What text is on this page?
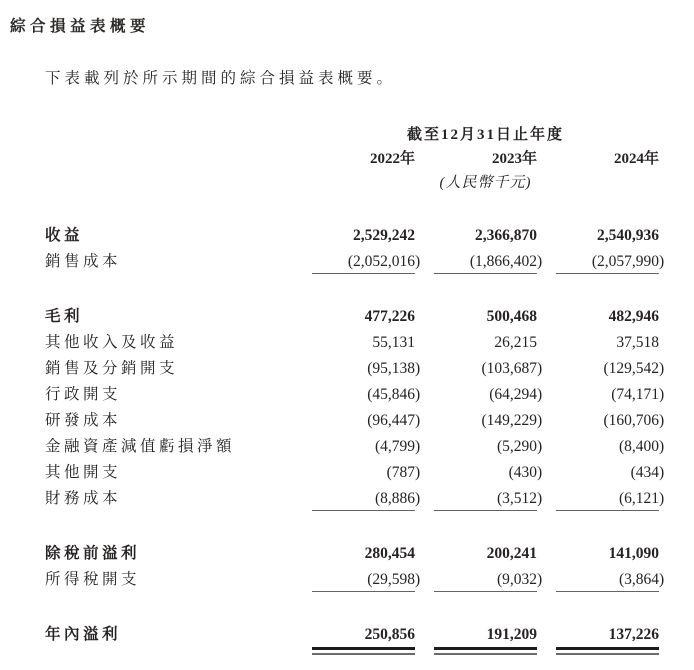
綜合損益表概要

下表載列於所示期間的綜合損益表概要。

截至12月31日止年度
2022年	2023年	2024年
(人民幣千元)
收益	2,529,242	2,366,870	2,540,936
銷售成本	(2,052,016)	(1,866,402)	(2,057,990)
毛利	477,226	500,468	482,946
其他收入及收益	55,131	26,215	37,518
銷售及分銷開支	(95,138)	(103,687)	(129,542)
行政開支	(45,846)	(64,294)	(74,171)
研發成本	(96,447)	(149,229)	(160,706)
金融資產減值虧損淨額	(4,799)	(5,290)	(8,400)
其他開支	(787)	(430)	(434)
財務成本	(8,886)	(3,512)	(6,121)
除稅前溢利	280,454	200,241	141,090
所得稅開支	(29,598)	(9,032)	(3,864)
年內溢利	250,856	191,209	137,226
